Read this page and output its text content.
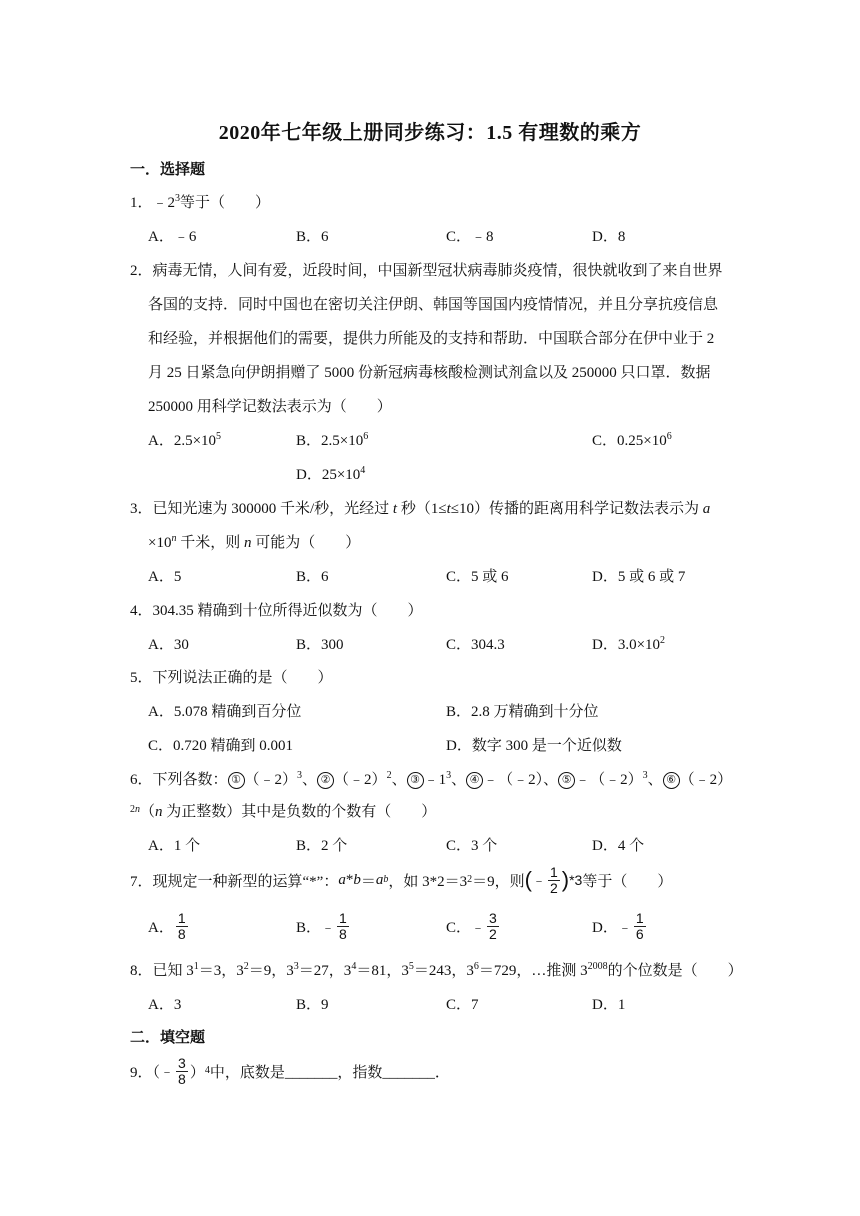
2020年七年级上册同步练习：1.5 有理数的乘方
一．选择题
1．$﹣2^3$等于（　　）
A．﹣6	B．6	C．﹣8	D．8
2．病毒无情，人间有爱，近段时间，中国新型冠状病毒肺炎疫情，很快就收到了来自世界
各国的支持．同时中国也在密切关注伊朗、韩国等国国内疫情情况，并且分享抗疫信息
和经验，并根据他们的需要，提供力所能及的支持和帮助．中国联合部分在伊中业于 2
月 25 日紧急向伊朗捐赠了 5000 份新冠病毒核酸检测试剂盒以及 250000 只口罩．数据
250000 用科学记数法表示为（　　）
A．$2.5\times 10^5$	B．$2.5\times 10^6$	C．$0.25\times 10^6$
D．$25\times 10^4$
3．已知光速为 300000 千米/秒，光经过 t 秒（1≤t≤10）传播的距离用科学记数法表示为 a
$\times 10^n$ 千米，则 n 可能为（　　）
A．5	B．6	C．5 或 6	D．5 或 6 或 7
4．304.35 精确到十位所得近似数为（　　）
A．30	B．300	C．304.3	D．$3.0\times 10^2$
5．下列说法正确的是（　　）
A．5.078 精确到百分位	B．2.8 万精确到十分位
C．0.720 精确到 0.001	D．数字 300 是一个近似数
6．下列各数： ① （﹣2）$^3$、 ② （﹣2）$^2$、 ③ $﹣1^3$、 ④ ﹣（﹣2）、 ⑤ ﹣（﹣2）$^3$、 ⑥ （﹣2）
$^{2n}$（n 为正整数）其中是负数的个数有（　　）
A．1 个	B．2 个	C．3 个	D．4 个
7．现规定一种新型的运算“*”： a * b ＝ a b ，如 3*2＝3 2 ＝9，则 ( ﹣ $\frac{1}{2}$ ) *3 等于（　　）
A． $\frac{1}{8}$	B． ﹣ $\frac{1}{8}$	C． ﹣ $\frac{3}{2}$	D． ﹣ $\frac{1}{6}$
8．已知 $3^1=3$，$3^2=9$，$3^3=27$，$3^4=81$，$3^5=243$，$3^6=729$，…推测 $3^{2008}$的个位数是（　　）
A．3	B．9	C．7	D．1
二．填空题
9．（ ﹣ $\frac{3}{8}$ ） 4 中，底数是_______，指数_______．
